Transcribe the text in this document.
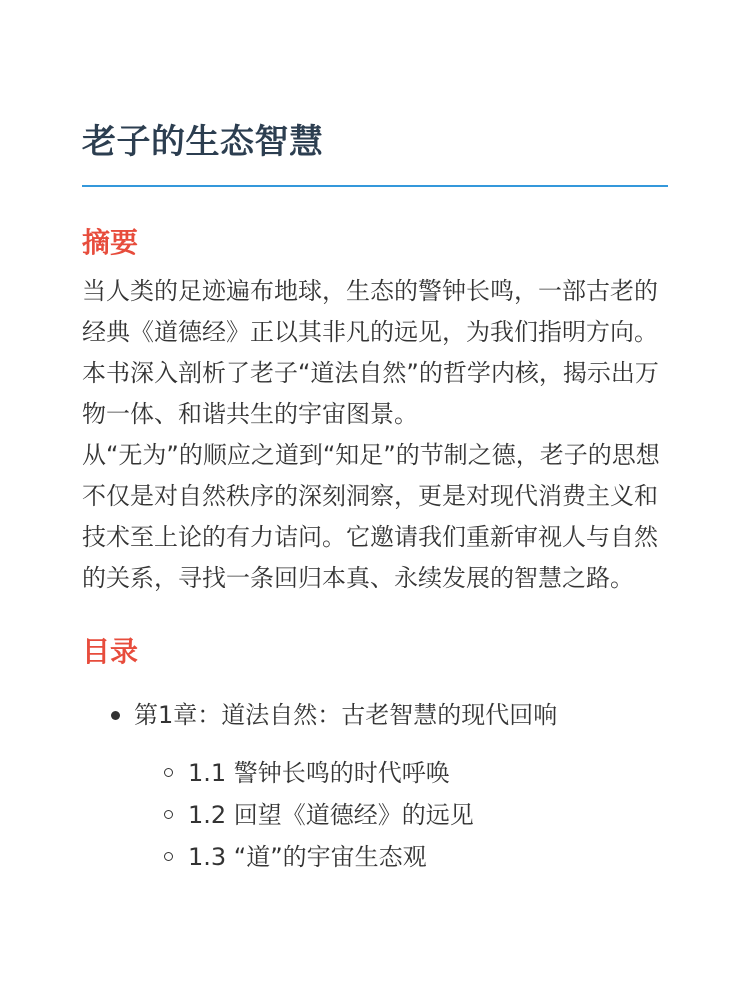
老子的生态智慧
摘要

当人类的足迹遍布地球，生态的警钟长鸣，一部古老的经典《道德经》正以其非凡的远见，为我们指明方向。本书深入剖析了老子“道法自然”的哲学内核，揭示出万物一体、和谐共生的宇宙图景。

从“无为”的顺应之道到“知足”的节制之德，老子的思想不仅是对自然秩序的深刻洞察，更是对现代消费主义和技术至上论的有力诘问。它邀请我们重新审视人与自然的关系，寻找一条回归本真、永续发展的智慧之路。

目录
第1章：道法自然：古老智慧的现代回响
1.1 警钟长鸣的时代呼唤
1.2 回望《道德经》的远见
1.3 “道”的宇宙生态观
